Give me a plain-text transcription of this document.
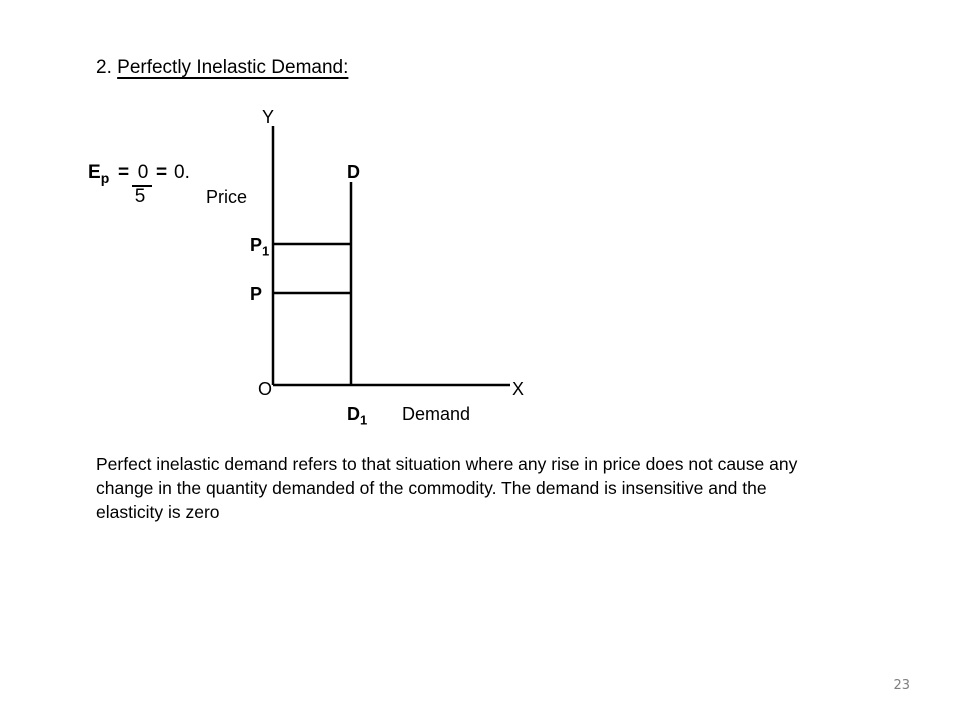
2. Perfectly Inelastic Demand:
$E_p = 0$
5
= 0.
Y
D
Price
$P_1$
P
O	X
$D_1$ Demand

Perfect inelastic demand refers to that situation where any rise in price does not cause any change in the quantity demanded of the commodity. The demand is insensitive and the elasticity is zero

23
